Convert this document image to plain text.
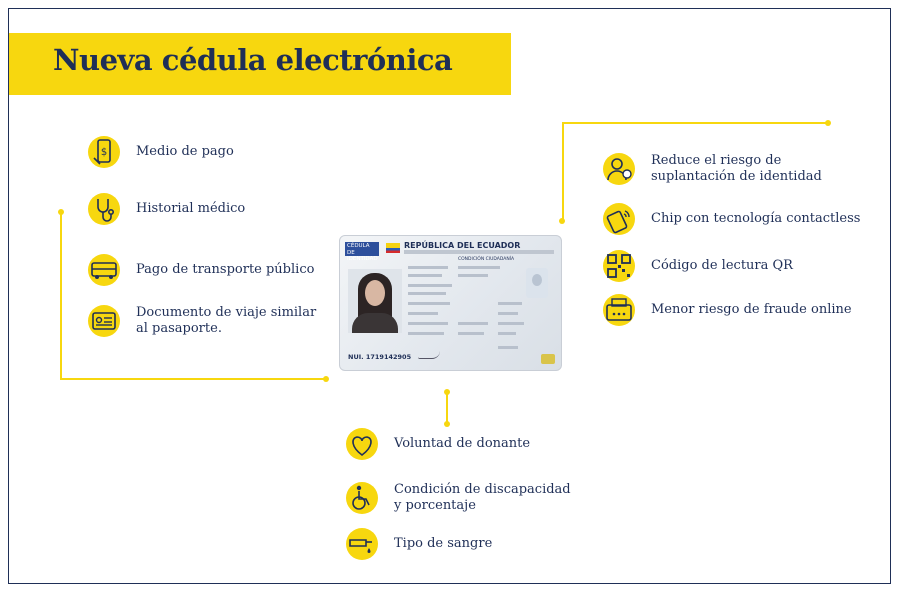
Nueva cédula electrónica
CÉDULA DE IDENTIDAD
REPÚBLICA DEL ECUADOR
CONDICIÓN CIUDADANÍA
NUI. 1719142905
$ Medio de pago
Historial médico
Pago de transporte público
Documento de viaje similar
al pasaporte.
Reduce el riesgo de
suplantación de identidad
Chip con tecnología contactless
Código de lectura QR
Menor riesgo de fraude online
Voluntad de donante
Condición de discapacidad
y porcentaje
Tipo de sangre
